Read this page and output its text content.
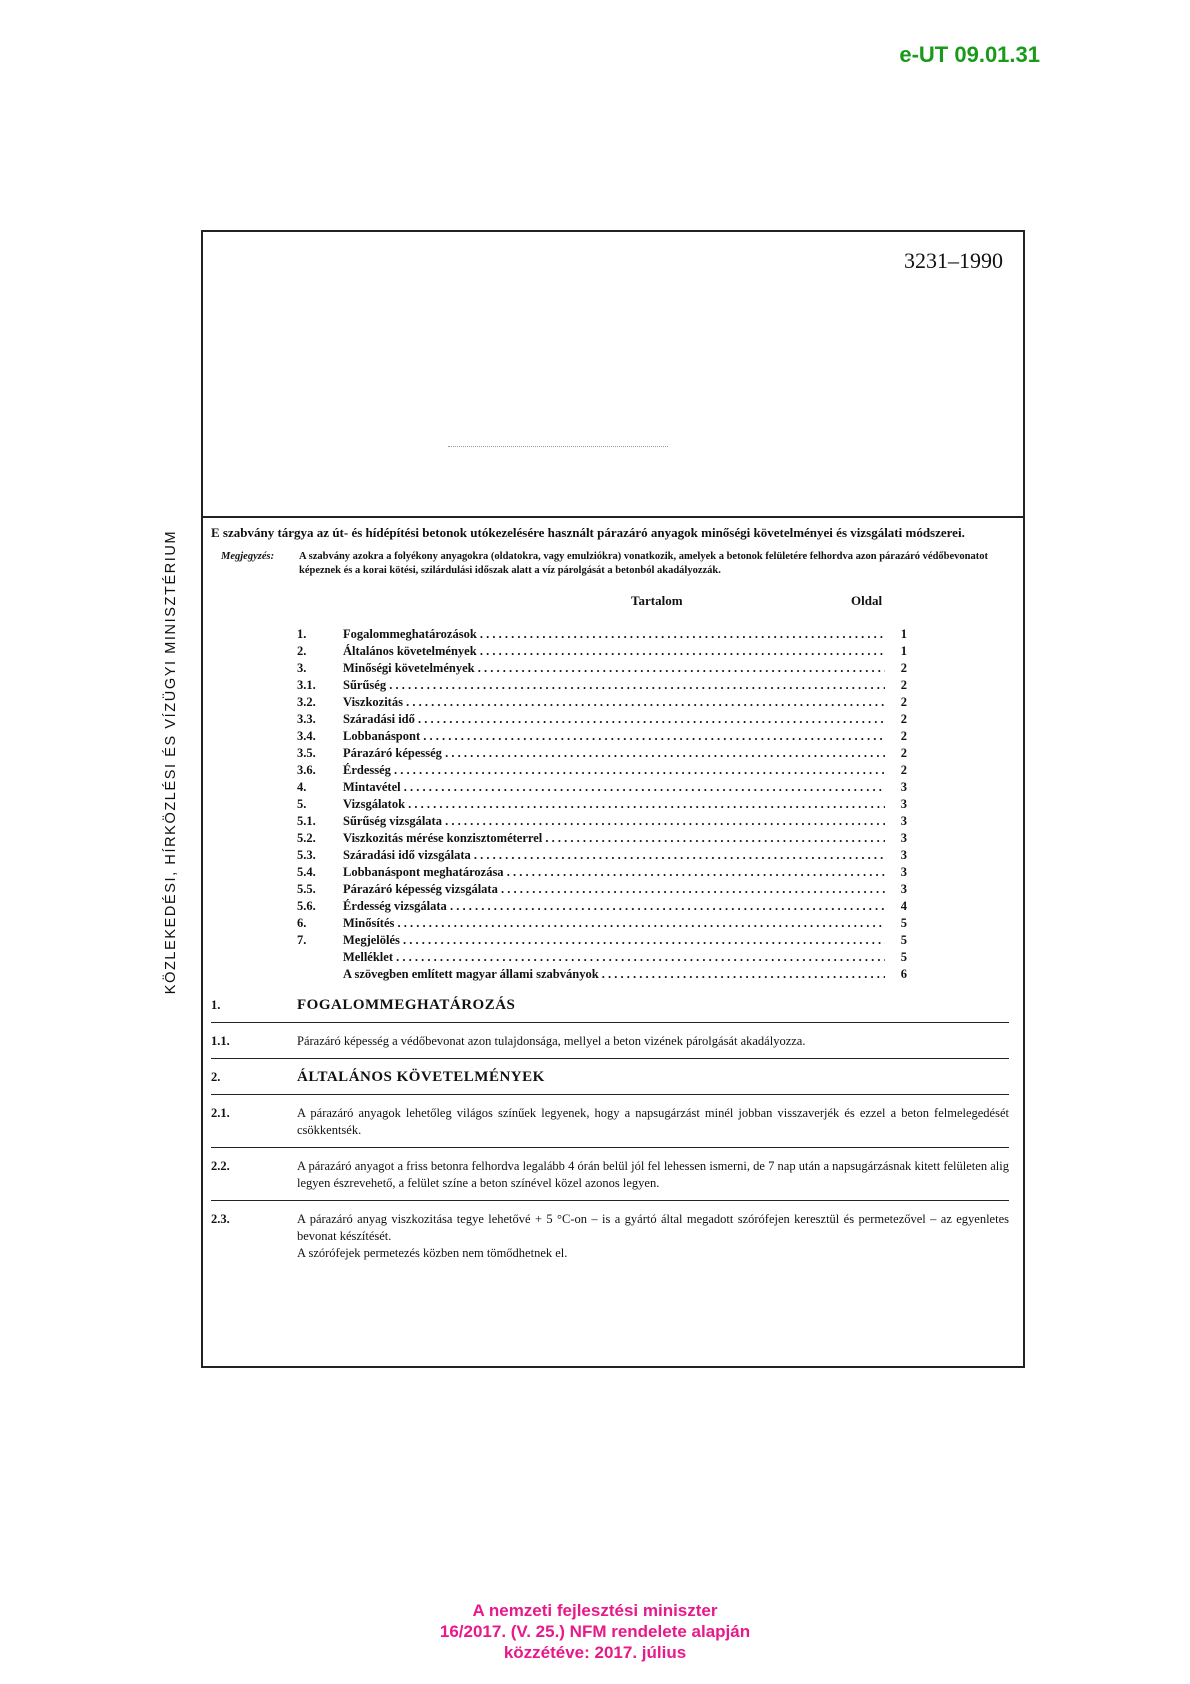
e-UT 09.01.31
KÖZLEKEDÉSI, HÍRKÖZLÉSI ÉS VÍZÜGYI MINISZTÉRIUM
3231–1990
E szabvány tárgya az út- és hídépítési betonok utókezelésére használt párazáró anyagok minőségi követelményei és vizsgálati módszerei.
Megjegyzés:	A szabvány azokra a folyékony anyagokra (oldatokra, vagy emulziókra) vonatkozik, amelyek a betonok felületére felhordva azon párazáró védőbevonatot képeznek és a korai kötési, szilárdulási időszak alatt a víz párolgását a betonból akadályozzák.
Tartalom	Oldal
1.	Fogalommeghatározások . . .	1
2.	Általános követelmények . . .	1
3.	Minőségi követelmények . . .	2
3.1.	Sűrűség . . .	2
3.2.	Viszkozitás . . .	2
3.3.	Száradási idő . . .	2
3.4.	Lobbanáspont . . .	2
3.5.	Párazáró képesség . . .	2
3.6.	Érdesség . . .	2
4.	Mintavétel . . .	3
5.	Vizsgálatok . . .	3
5.1.	Sűrűség vizsgálata . . .	3
5.2.	Viszkozitás mérése konzisztométerrel . . .	3
5.3.	Száradási idő vizsgálata . . .	3
5.4.	Lobbanáspont meghatározása . . .	3
5.5.	Párazáró képesség vizsgálata . . .	3
5.6.	Érdesség vizsgálata . . .	4
6.	Minősítés . . .	5
7.	Megjelölés . . .	5
Melléklet . . .	5
A szövegben említett magyar állami szabványok . . .	6
1.	FOGALOMMEGHATÁROZÁS
1.1.	Párazáró képesség a védőbevonat azon tulajdonsága, mellyel a beton vizének párolgását akadályozza.
2.	ÁLTALÁNOS KÖVETELMÉNYEK
2.1.	A párazáró anyagok lehetőleg világos színűek legyenek, hogy a napsugárzást minél jobban visszaverjék és ezzel a beton felmelegedését csökkentsék.
2.2.	A párazáró anyagot a friss betonra felhordva legalább 4 órán belül jól fel lehessen ismerni, de 7 nap után a napsugárzásnak kitett felületen alig legyen észrevehető, a felület színe a beton színével közel azonos legyen.
2.3.	A párazáró anyag viszkozitása tegye lehetővé + 5 °C-on – is a gyártó által megadott szórófejen keresztül és permetezővel – az egyenletes bevonat készítését.
A szórófejek permetezés közben nem tömődhetnek el.
A nemzeti fejlesztési miniszter
16/2017. (V. 25.) NFM rendelete alapján
közzétéve: 2017. július
